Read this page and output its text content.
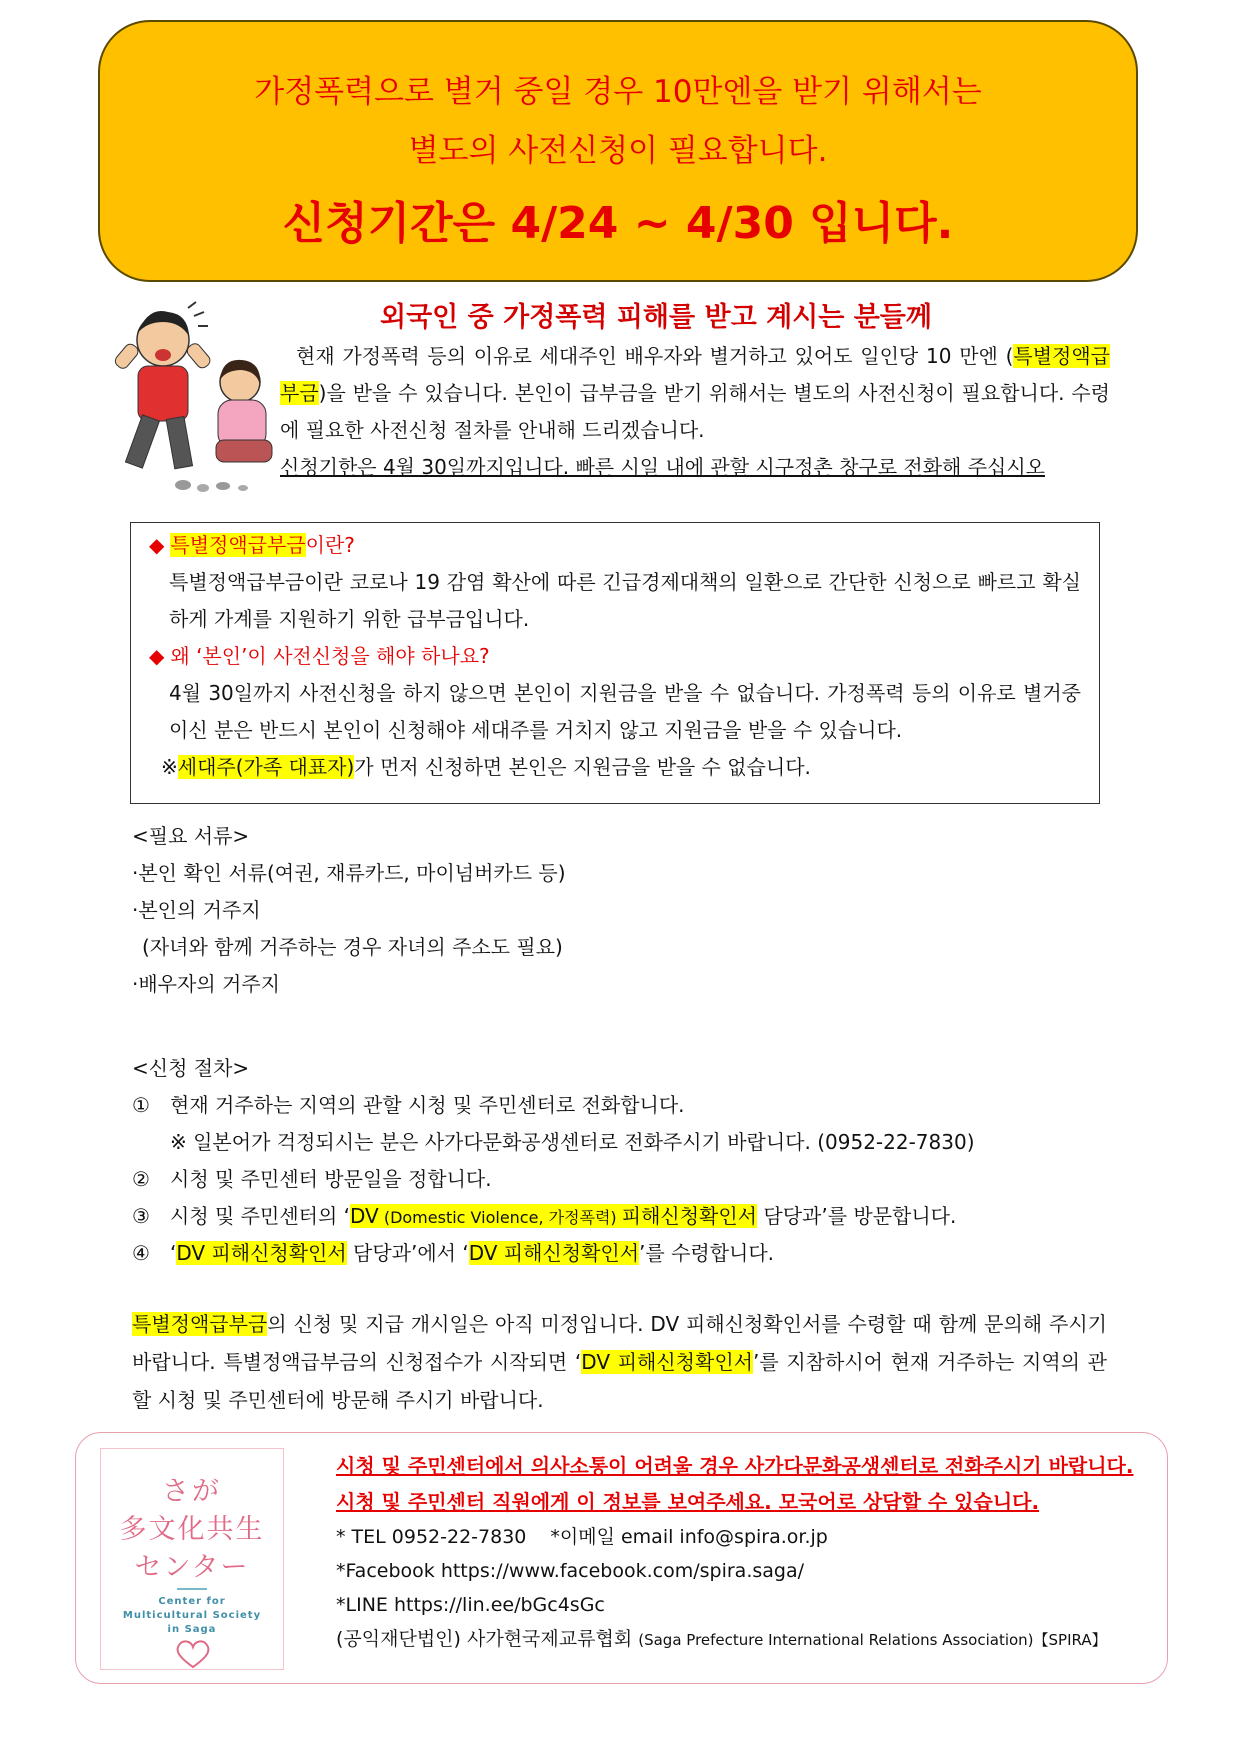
가정폭력으로 별거 중일 경우 10만엔을 받기 위해서는
별도의 사전신청이 필요합니다.
신청기간은 4/24 ~ 4/30 입니다.
외국인 중 가정폭력 피해를 받고 계시는 분들께

현재 가정폭력 등의 이유로 세대주인 배우자와 별거하고 있어도 일인당 10 만엔 (특별정액급부금)을 받을 수 있습니다. 본인이 급부금을 받기 위해서는 별도의 사전신청이 필요합니다. 수령에 필요한 사전신청 절차를 안내해 드리겠습니다.

신청기한은 4월 30일까지입니다. 빠른 시일 내에 관할 시구정촌 창구로 전화해 주십시오

◆ 특별정액급부금이란?
특별정액급부금이란 코로나 19 감염 확산에 따른 긴급경제대책의 일환으로 간단한 신청으로 빠르고 확실하게 가계를 지원하기 위한 급부금입니다.
◆ 왜 ‘본인’이 사전신청을 해야 하나요?
4월 30일까지 사전신청을 하지 않으면 본인이 지원금을 받을 수 없습니다. 가정폭력 등의 이유로 별거중이신 분은 반드시 본인이 신청해야 세대주를 거치지 않고 지원금을 받을 수 있습니다.
※세대주(가족 대표자)가 먼저 신청하면 본인은 지원금을 받을 수 없습니다.
<필요 서류>
·본인 확인 서류(여권, 재류카드, 마이넘버카드 등)
·본인의 거주지
(자녀와 함께 거주하는 경우 자녀의 주소도 필요)
·배우자의 거주지
<신청 절차>
① 현재 거주하는 지역의 관할 시청 및 주민센터로 전화합니다.
※ 일본어가 걱정되시는 분은 사가다문화공생센터로 전화주시기 바랍니다. (0952-22-7830)
② 시청 및 주민센터 방문일을 정합니다.
③ 시청 및 주민센터의 ‘DV (Domestic Violence, 가정폭력) 피해신청확인서 담당과’를 방문합니다.
④ ‘DV 피해신청확인서 담당과’에서 ‘DV 피해신청확인서’를 수령합니다.
특별정액급부금의 신청 및 지급 개시일은 아직 미정입니다. DV 피해신청확인서를 수령할 때 함께 문의해 주시기 바랍니다. 특별정액급부금의 신청접수가 시작되면 ‘DV 피해신청확인서’를 지참하시어 현재 거주하는 지역의 관할 시청 및 주민센터에 방문해 주시기 바랍니다.
さが
多文化共生
センター
Center for
Multicultural Society
in Saga
시청 및 주민센터에서 의사소통이 어려울 경우 사가다문화공생센터로 전화주시기 바랍니다.
시청 및 주민센터 직원에게 이 정보를 보여주세요. 모국어로 상담할 수 있습니다.
* TEL 0952-22-7830 *이메일 email info@spira.or.jp
*Facebook https://www.facebook.com/spira.saga/
*LINE https://lin.ee/bGc4sGc
(공익재단법인) 사가현국제교류협회 (Saga Prefecture International Relations Association)【SPIRA】
